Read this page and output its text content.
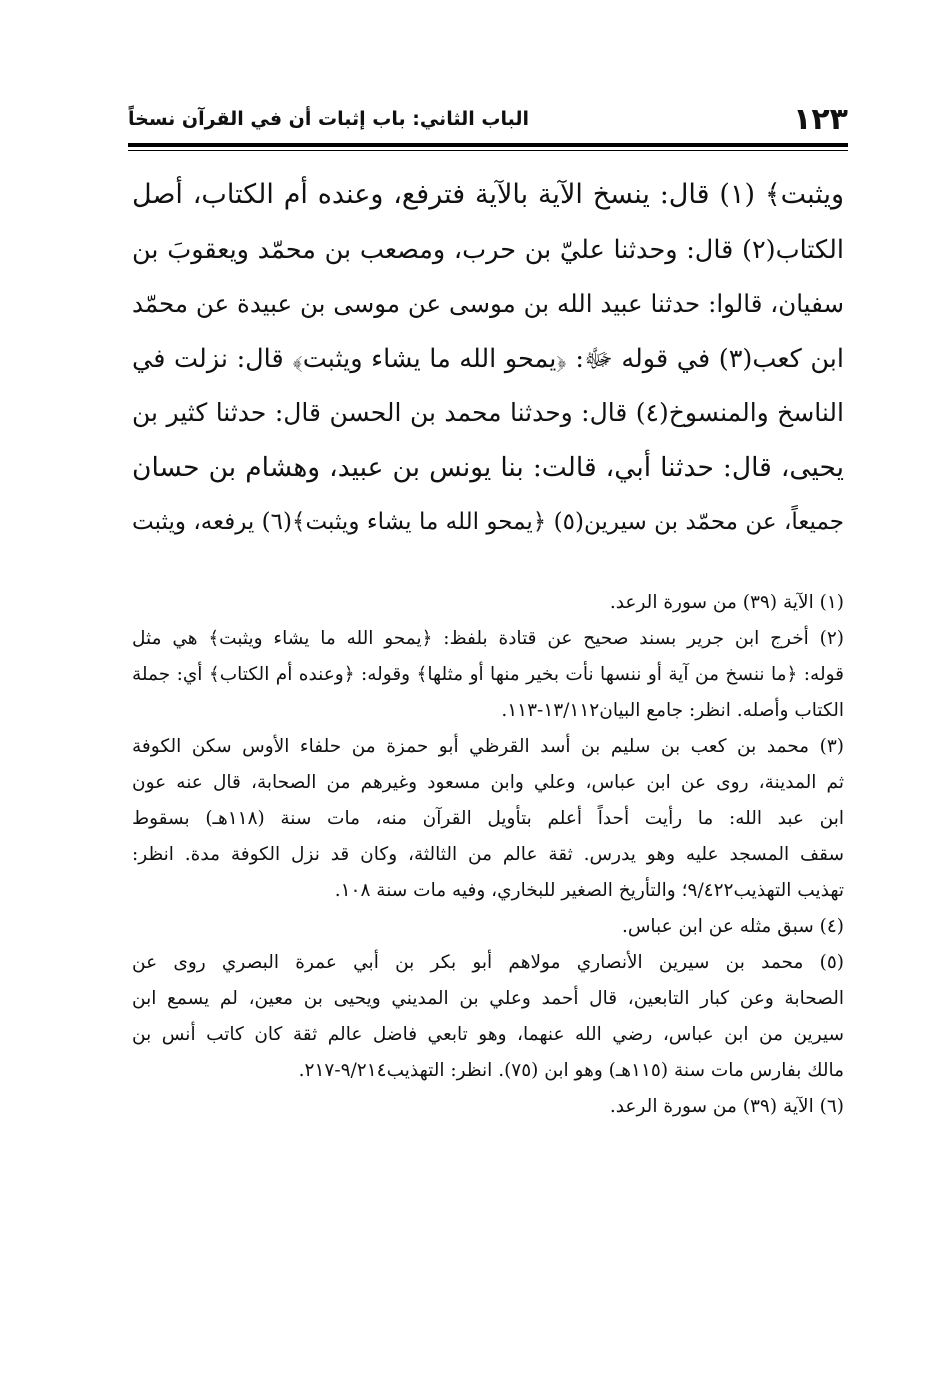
١٢٣
الباب الثاني: باب إثبات أن في القرآن نسخاً
ويثبت﴾ (١) قال: ينسخ الآية بالآية فترفع، وعنده أم الكتاب، أصل
الكتاب(٢) قال: وحدثنا عليّ بن حرب، ومصعب بن محمّد ويعقوبَ بن
سفيان، قالوا: حدثنا عبيد الله بن موسى عن موسى بن عبيدة عن محمّد
ابن كعب(٣) في قوله ﷻ: ﴿يمحو الله ما يشاء ويثبت﴾ قال: نزلت في
الناسخ والمنسوخ(٤) قال: وحدثنا محمد بن الحسن قال: حدثنا كثير بن
يحيى، قال: حدثنا أبي، قالت: بنا يونس بن عبيد، وهشام بن حسان
جميعاً، عن محمّد بن سيرين(٥) ﴿يمحو الله ما يشاء ويثبت﴾(٦) يرفعه، ويثبت
(١) الآية (٣٩) من سورة الرعد.
(٢) أخرج ابن جرير بسند صحيح عن قتادة بلفظ: ﴿يمحو الله ما يشاء ويثبت﴾ هي مثل
قوله: ﴿ما ننسخ من آية أو ننسها نأت بخير منها أو مثلها﴾ وقوله: ﴿وعنده أم الكتاب﴾ أي: جملة
الكتاب وأصله. انظر: جامع البيان١٣/١١٢-١١٣.
(٣) محمد بن كعب بن سليم بن أسد القرظي أبو حمزة من حلفاء الأوس سكن الكوفة
ثم المدينة، روى عن ابن عباس، وعلي وابن مسعود وغيرهم من الصحابة، قال عنه عون
ابن عبد الله: ما رأيت أحداً أعلم بتأويل القرآن منه، مات سنة (١١٨هـ) بسقوط
سقف المسجد عليه وهو يدرس. ثقة عالم من الثالثة، وكان قد نزل الكوفة مدة. انظر:
تهذيب التهذيب٩/٤٢٢؛ والتأريخ الصغير للبخاري، وفيه مات سنة ١٠٨.
(٤) سبق مثله عن ابن عباس.
(٥) محمد بن سيرين الأنصاري مولاهم أبو بكر بن أبي عمرة البصري روى عن
الصحابة وعن كبار التابعين، قال أحمد وعلي بن المديني ويحيى بن معين، لم يسمع ابن
سيرين من ابن عباس، رضي الله عنهما، وهو تابعي فاضل عالم ثقة كان كاتب أنس بن
مالك بفارس مات سنة (١١٥هـ) وهو ابن (٧٥). انظر: التهذيب٩/٢١٤-٢١٧.
(٦) الآية (٣٩) من سورة الرعد.
